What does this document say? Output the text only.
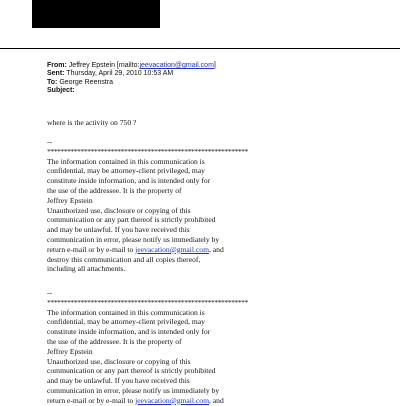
From: Jeffrey Epstein [mailto:jeevacation@gmail.com]
Sent: Thursday, April 29, 2010 10:53 AM
To: George Reenstra
Subject:
where is the activity on 750 ?
--
************************************************************
The information contained in this communication is
confidential, may be attorney-client privileged, may
constitute inside information, and is intended only for
the use of the addressee. It is the property of
Jeffrey Epstein
Unauthorized use, disclosure or copying of this
communication or any part thereof is strictly prohibited
and may be unlawful. If you have received this
communication in error, please notify us immediately by
return e-mail or by e-mail to jeevacation@gmail.com, and
destroy this communication and all copies thereof,
including all attachments.
--
************************************************************
The information contained in this communication is
confidential, may be attorney-client privileged, may
constitute inside information, and is intended only for
the use of the addressee. It is the property of
Jeffrey Epstein
Unauthorized use, disclosure or copying of this
communication or any part thereof is strictly prohibited
and may be unlawful. If you have received this
communication in error, please notify us immediately by
return e-mail or by e-mail to jeevacation@gmail.com, and
